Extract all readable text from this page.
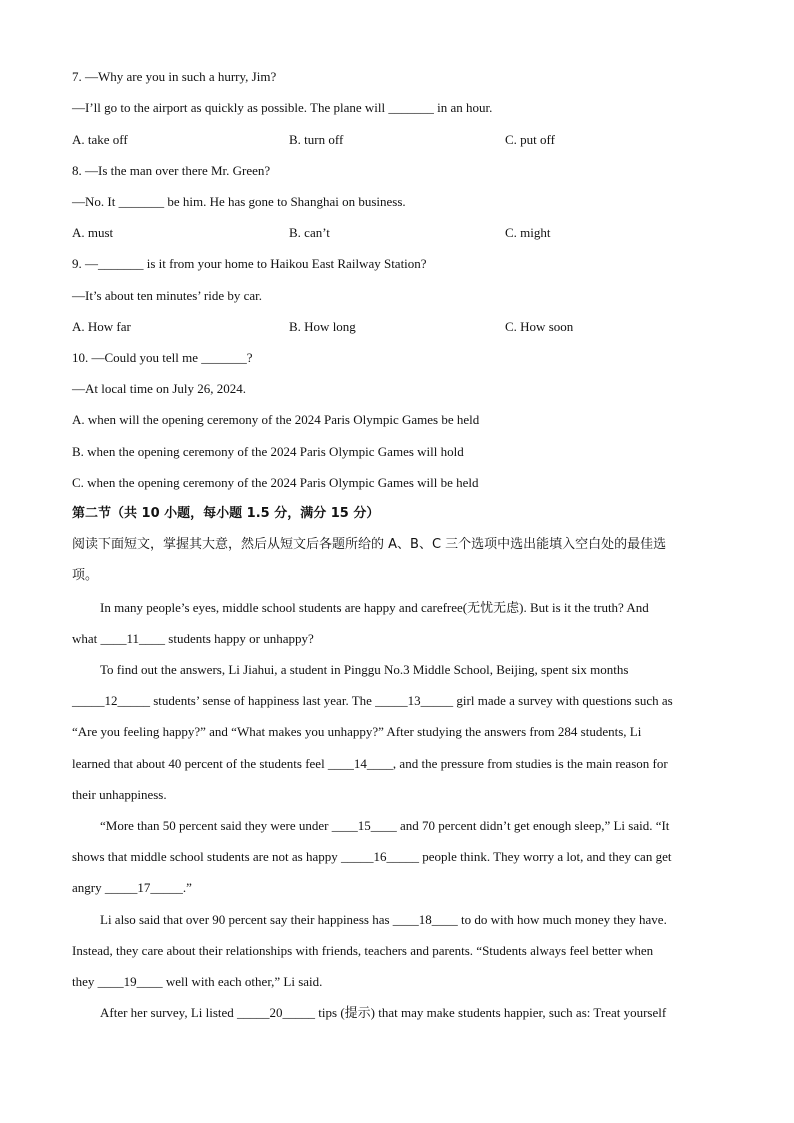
7. —Why are you in such a hurry, Jim?
—I’ll go to the airport as quickly as possible. The plane will _______ in an hour.
A. take off	B. turn off	C. put off
8. —Is the man over there Mr. Green?
—No. It _______ be him. He has gone to Shanghai on business.
A. must	B. can’t	C. might
9. —_______ is it from your home to Haikou East Railway Station?
—It’s about ten minutes’ ride by car.
A. How far	B. How long	C. How soon
10. —Could you tell me _______?
—At local time on July 26, 2024.
A. when will the opening ceremony of the 2024 Paris Olympic Games be held
B. when the opening ceremony of the 2024 Paris Olympic Games will hold
C. when the opening ceremony of the 2024 Paris Olympic Games will be held
第二节（共 10 小题，每小题 1.5 分，满分 15 分）
阅读下面短文，掌握其大意，然后从短文后各题所给的 A、B、C 三个选项中选出能填入空白处的最佳选
项。
In many people’s eyes, middle school students are happy and carefree(无忧无虑). But is it the truth? And
what ____11____ students happy or unhappy?
To find out the answers, Li Jiahui, a student in Pinggu No.3 Middle School, Beijing, spent six months
_____12_____ students’ sense of happiness last year. The _____13_____ girl made a survey with questions such as
“Are you feeling happy?” and “What makes you unhappy?” After studying the answers from 284 students, Li
learned that about 40 percent of the students feel ____14____, and the pressure from studies is the main reason for
their unhappiness.
“More than 50 percent said they were under ____15____ and 70 percent didn’t get enough sleep,” Li said. “It
shows that middle school students are not as happy _____16_____ people think. They worry a lot, and they can get
angry _____17_____.”
Li also said that over 90 percent say their happiness has ____18____ to do with how much money they have.
Instead, they care about their relationships with friends, teachers and parents. “Students always feel better when
they ____19____ well with each other,” Li said.
After her survey, Li listed _____20_____ tips (提示) that may make students happier, such as: Treat yourself
